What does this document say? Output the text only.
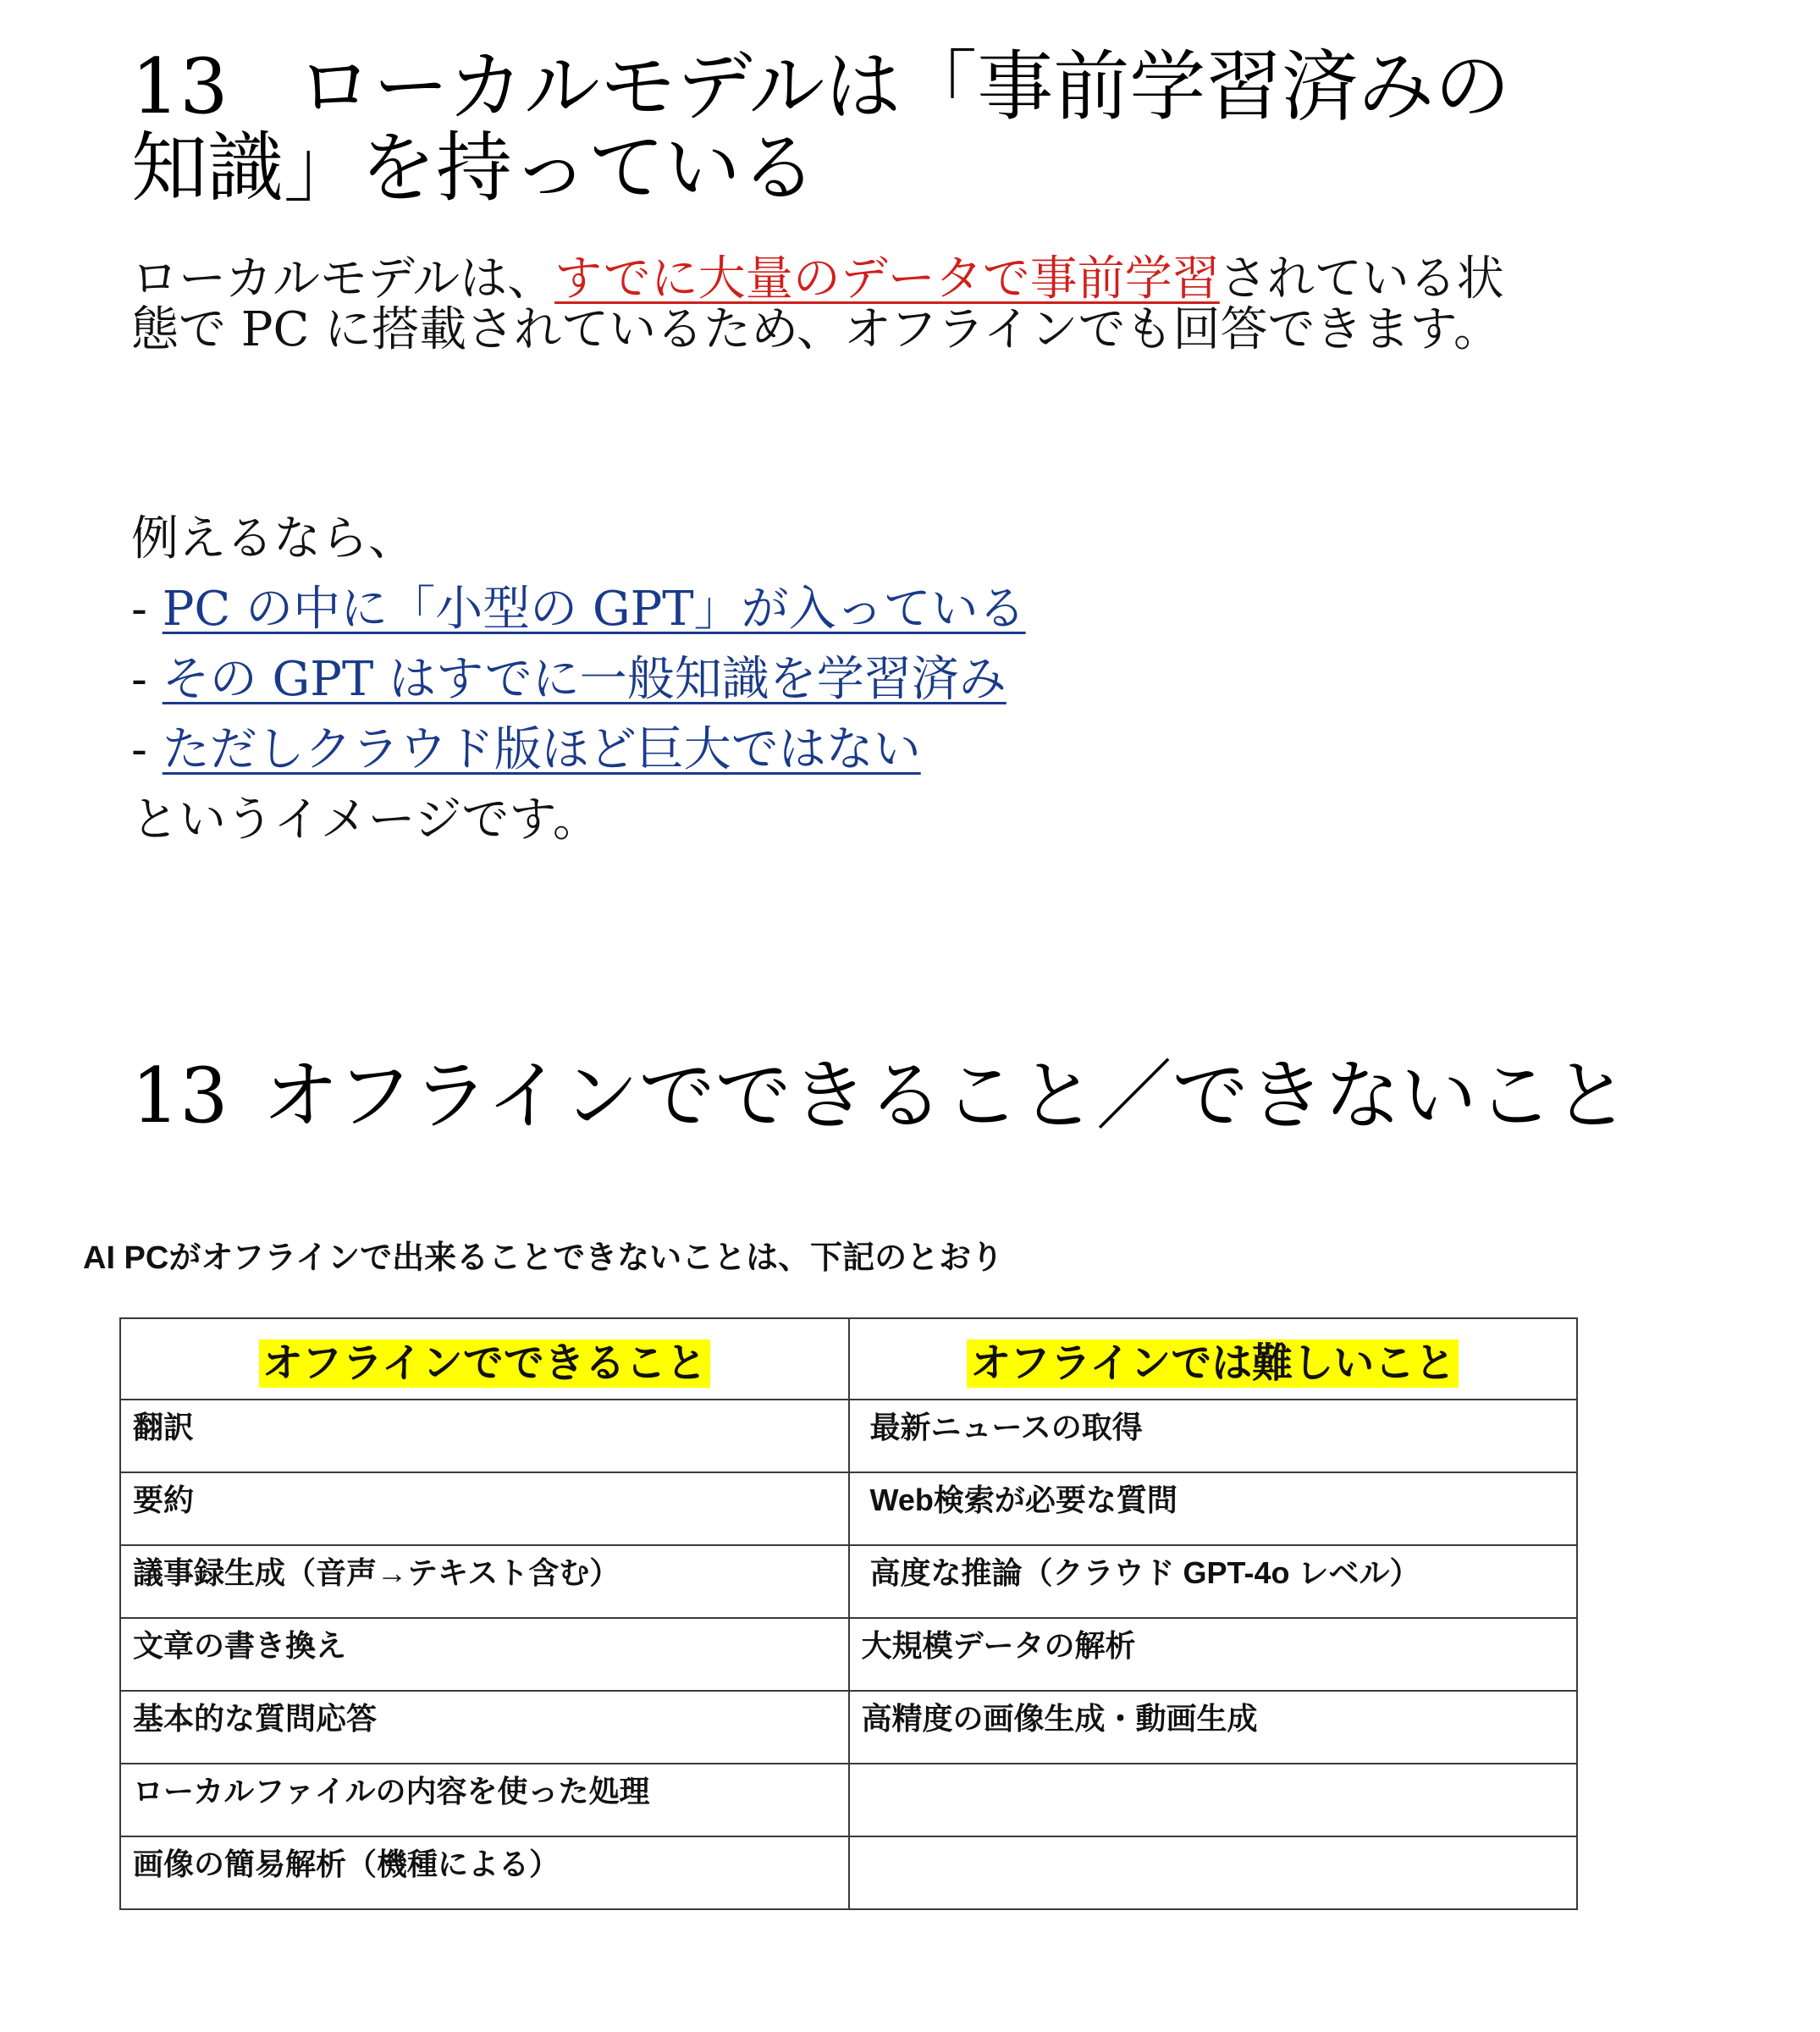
13 ローカルモデルは「事前学習済みの知識」を持っている

ローカルモデルは、すでに大量のデータで事前学習されている状態で PC に搭載されているため、オフラインでも回答できます。

例えるなら、
- PC の中に「小型の GPT」が入っている
- その GPT はすでに一般知識を学習済み
- ただしクラウド版ほど巨大ではない
というイメージです。
13 オフラインでできること／できないこと

AI PCがオフラインで出来ることできないことは、下記のとおり

オフラインでできること	オフラインでは難しいこと
翻訳	最新ニュースの取得
要約	Web検索が必要な質問
議事録生成（音声→テキスト含む）	高度な推論（クラウド GPT-4o レベル）
文章の書き換え	大規模データの解析
基本的な質問応答	高精度の画像生成・動画生成
ローカルファイルの内容を使った処理	
画像の簡易解析（機種による）	
